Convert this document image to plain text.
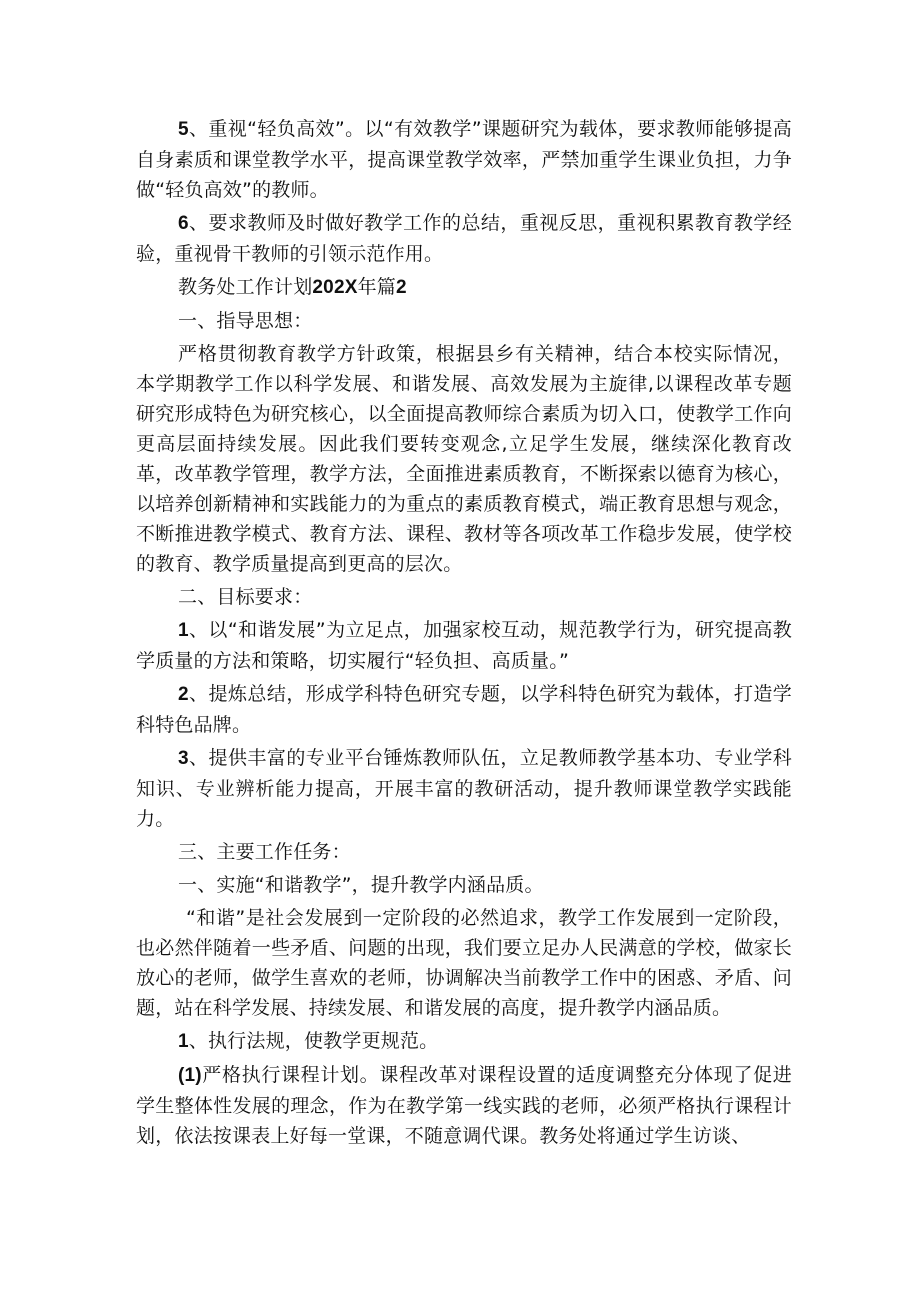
5、重视“轻负高效”。以“有效教学”课题研究为载体，要求教师能够提高自身素质和课堂教学水平，提高课堂教学效率，严禁加重学生课业负担，力争做“轻负高效”的教师。

6、要求教师及时做好教学工作的总结，重视反思，重视积累教育教学经验，重视骨干教师的引领示范作用。

教务处工作计划202X年篇2

一、指导思想：

严格贯彻教育教学方针政策，根据县乡有关精神，结合本校实际情况，本学期教学工作以科学发展、和谐发展、高效发展为主旋律,以课程改革专题研究形成特色为研究核心，以全面提高教师综合素质为切入口，使教学工作向更高层面持续发展。因此我们要转变观念,立足学生发展，继续深化教育改革，改革教学管理，教学方法，全面推进素质教育，不断探索以德育为核心，以培养创新精神和实践能力的为重点的素质教育模式，端正教育思想与观念，不断推进教学模式、教育方法、课程、教材等各项改革工作稳步发展，使学校的教育、教学质量提高到更高的层次。

二、目标要求：

1、以“和谐发展”为立足点，加强家校互动，规范教学行为，研究提高教学质量的方法和策略，切实履行“轻负担、高质量。”

2、提炼总结，形成学科特色研究专题，以学科特色研究为载体，打造学科特色品牌。

3、提供丰富的专业平台锤炼教师队伍，立足教师教学基本功、专业学科知识、专业辨析能力提高，开展丰富的教研活动，提升教师课堂教学实践能力。

三、主要工作任务：

一、实施“和谐教学”，提升教学内涵品质。

“和谐”是社会发展到一定阶段的必然追求，教学工作发展到一定阶段，也必然伴随着一些矛盾、问题的出现，我们要立足办人民满意的学校，做家长放心的老师，做学生喜欢的老师，协调解决当前教学工作中的困惑、矛盾、问题，站在科学发展、持续发展、和谐发展的高度，提升教学内涵品质。

1、执行法规，使教学更规范。

(1)严格执行课程计划。课程改革对课程设置的适度调整充分体现了促进学生整体性发展的理念，作为在教学第一线实践的老师，必须严格执行课程计划，依法按课表上好每一堂课，不随意调代课。教务处将通过学生访谈、
